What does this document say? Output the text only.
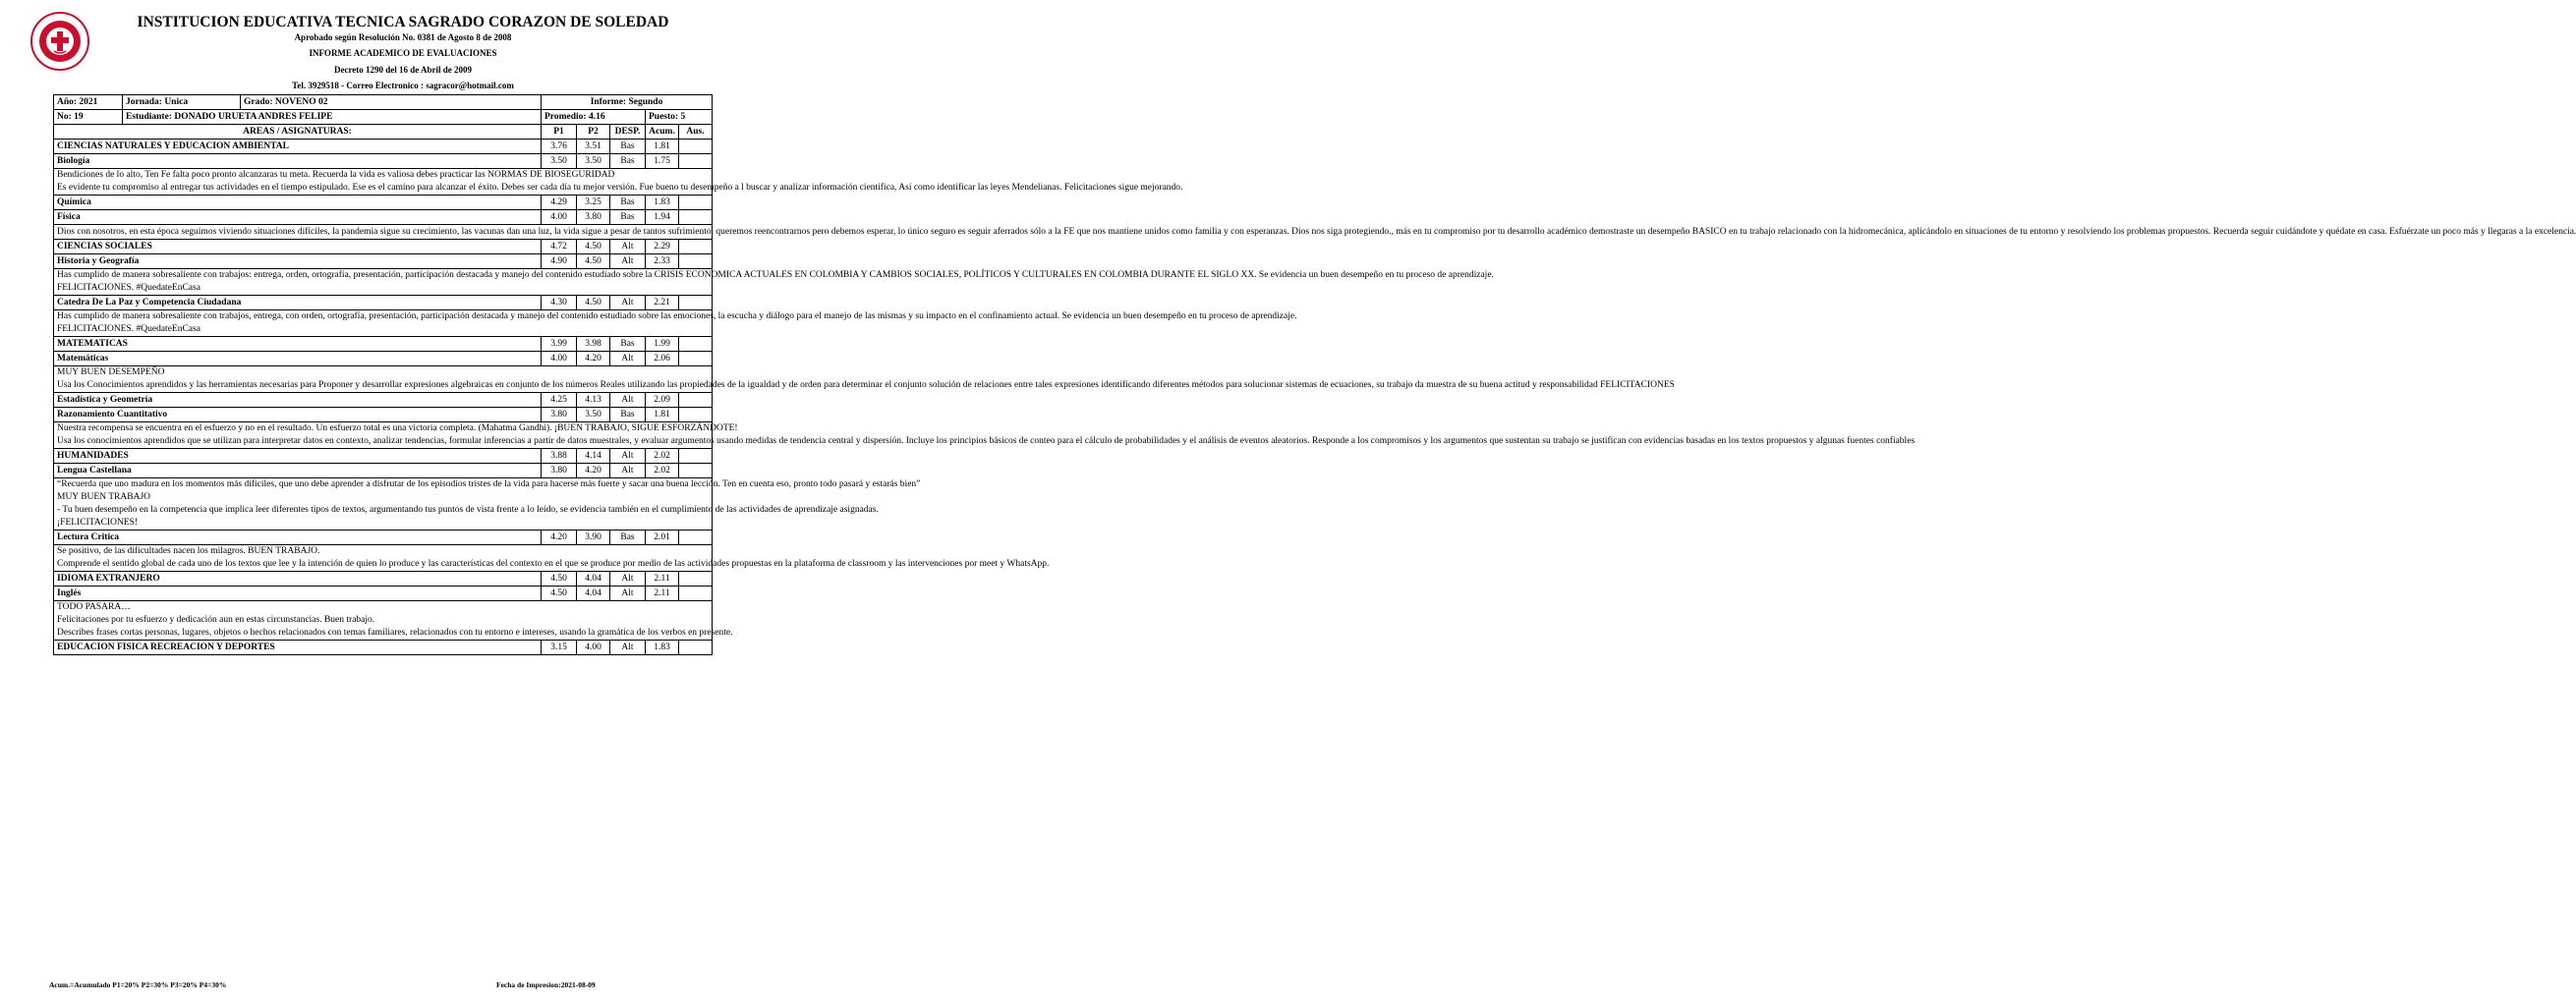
INSTITUCION EDUCATIVA TECNICA SAGRADO CORAZON DE SOLEDAD
Aprobado según Resolución No. 0381 de Agosto 8 de 2008
INFORME ACADEMICO DE EVALUACIONES
Decreto 1290 del 16 de Abril de 2009
Tel. 3929518 - Correo Electronico : sagracor@hotmail.com
Año: 2021	Jornada: Unica	Grado: NOVENO 02	Informe: Segundo				
No: 19	Estudiante: DONADO URUETA ANDRES FELIPE		Promedio: 4.16			Puesto: 5	
AREAS / ASIGNATURAS:			P1	P2	DESP.	Acum.	Aus.
CIENCIAS NATURALES Y EDUCACION AMBIENTAL			3.76	3.51	Bas	1.81	
Biología			3.50	3.50	Bas	1.75	

Bendiciones de lo alto, Ten Fe falta poco pronto alcanzaras tu meta. Recuerda la vida es valiosa debes practicar las NORMAS DE BIOSEGURIDAD
Es evidente tu compromiso al entregar tus actividades en el tiempo estipulado. Ese es el camino para alcanzar el éxito. Debes ser cada día tu mejor versión. Fue bueno tu desempeño a l buscar y analizar información científica, Así como identificar las leyes Mendelianas. Felicitaciones sigue mejorando.							

Química			4.29	3.25	Bas	1.83	
Física			4.00	3.80	Bas	1.94	

Dios con nosotros, en esta época seguimos viviendo situaciones difíciles, la pandemia sigue su crecimiento, las vacunas dan una luz, la vida sigue a pesar de tantos sufrimiento, queremos reencontrarnos pero debemos esperar, lo único seguro es seguir aferrados sólo a la FE que nos mantiene unidos como familia y con esperanzas. Dios nos siga protegiendo., más en tu compromiso por tu desarrollo académico demostraste un desempeño BASICO en tu trabajo relacionado con la hidromecánica, aplicándolo en situaciones de tu entorno y resolviendo los problemas propuestos. Recuerda seguir cuidándote y quédate en casa. Esfuérzate un poco más y llegaras a la excelencia.							

CIENCIAS SOCIALES			4.72	4.50	Alt	2.29	
Historia y Geografía			4.90	4.50	Alt	2.33	

Has cumplido de manera sobresaliente con trabajos: entrega, orden, ortografía, presentación, participación destacada y manejo del contenido estudiado sobre la CRISIS ECONOMICA ACTUALES EN COLOMBIA Y CAMBIOS SOCIALES, POLÍTICOS Y CULTURALES EN COLOMBIA DURANTE EL SIGLO XX. Se evidencia un buen desempeño en tu proceso de aprendizaje.
FELICITACIONES. #QuedateEnCasa							

Catedra De La Paz y Competencia Ciudadana			4.30	4.50	Alt	2.21	

Has cumplido de manera sobresaliente con trabajos, entrega, con orden, ortografía, presentación, participación destacada y manejo del contenido estudiado sobre las emociones, la escucha y diálogo para el manejo de las mismas y su impacto en el confinamiento actual. Se evidencia un buen desempeño en tu proceso de aprendizaje.
FELICITACIONES. #QuedateEnCasa							

MATEMATICAS			3.99	3.98	Bas	1.99	
Matemáticas			4.00	4.20	Alt	2.06	

MUY BUEN DESEMPEÑO
Usa los Conocimientos aprendidos y las herramientas necesarias para Proponer y desarrollar expresiones algebraicas en conjunto de los números Reales utilizando las propiedades de la igualdad y de orden para determinar el conjunto solución de relaciones entre tales expresiones identificando diferentes métodos para solucionar sistemas de ecuaciones, su trabajo da muestra de su buena actitud y responsabilidad FELICITACIONES							

Estadística y Geometría			4.25	4.13	Alt	2.09	
Razonamiento Cuantitativo			3.80	3.50	Bas	1.81	

Nuestra recompensa se encuentra en el esfuerzo y no en el resultado. Un esfuerzo total es una victoria completa. (Mahatma Gandhi). ¡BUEN TRABAJO, SIGUE ESFORZÁNDOTE!
Usa los conocimientos aprendidos que se utilizan para interpretar datos en contexto, analizar tendencias, formular inferencias a partir de datos muestrales, y evaluar argumentos usando medidas de tendencia central y dispersión. Incluye los principios básicos de conteo para el cálculo de probabilidades y el análisis de eventos aleatorios. Responde a los compromisos y los argumentos que sustentan su trabajo se justifican con evidencias basadas en los textos propuestos y algunas fuentes confiables							

HUMANIDADES			3.88	4.14	Alt	2.02	
Lengua Castellana			3.80	4.20	Alt	2.02	

“Recuerda que uno madura en los momentos más difíciles, que uno debe aprender a disfrutar de los episodios tristes de la vida para hacerse más fuerte y sacar una buena lección. Ten en cuenta eso, pronto todo pasará y estarás bien”
MUY BUEN TRABAJO
- Tu buen desempeño en la competencia que implica leer diferentes tipos de textos, argumentando tus puntos de vista frente a lo leído, se evidencia también en el cumplimiento de las actividades de aprendizaje asignadas.
¡FELICITACIONES!							

Lectura Critica			4.20	3.90	Bas	2.01	

Se positivo, de las dificultades nacen los milagros. BUEN TRABAJO.
Comprende el sentido global de cada uno de los textos que lee y la intención de quien lo produce y las características del contexto en el que se produce por medio de las actividades propuestas en la plataforma de classroom y las intervenciones por meet y WhatsApp.							

IDIOMA EXTRANJERO			4.50	4.04	Alt	2.11	
Inglés			4.50	4.04	Alt	2.11	

TODO PASARA…
Felicitaciones por tu esfuerzo y dedicación aun en estas circunstancias. Buen trabajo.
Describes frases cortas personas, lugares, objetos o hechos relacionados con temas familiares, relacionados con tu entorno e intereses, usando la gramática de los verbos en presente.							

EDUCACION FISICA RECREACION Y DEPORTES			3.15	4.00	Alt	1.83	
Acum.=Acumulado P1=20% P2=30% P3=20% P4=30%	Fecha de Impresion:2021-08-09
